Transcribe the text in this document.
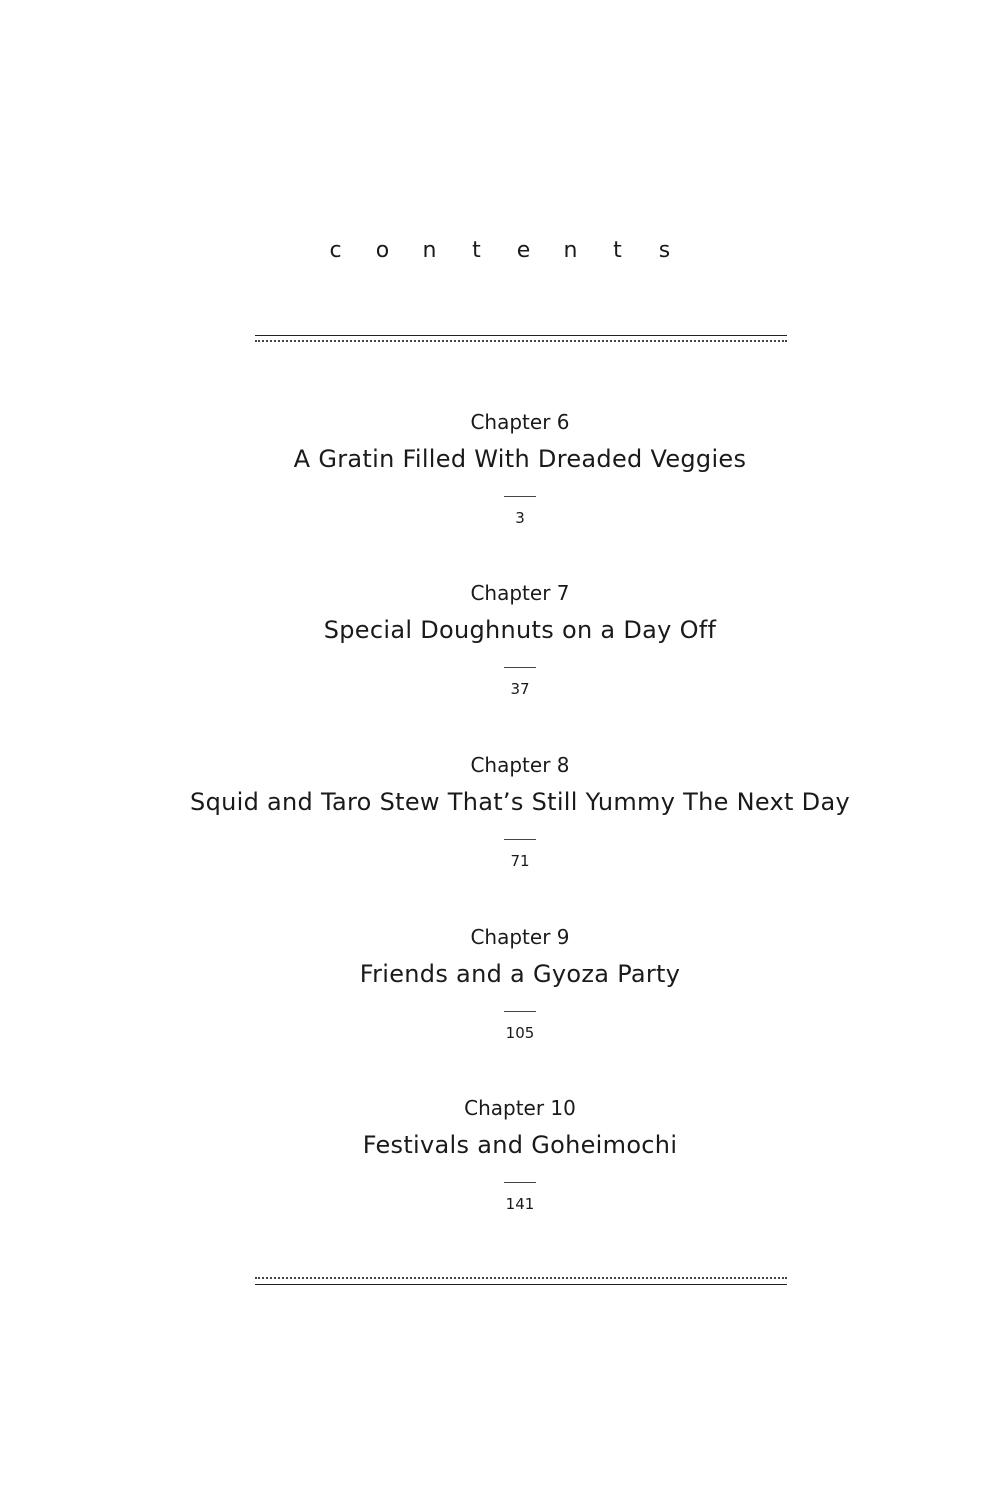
c o n t e n t s
Chapter 6
A Gratin Filled With Dreaded Veggies
3
Chapter 7
Special Doughnuts on a Day Off
37
Chapter 8
Squid and Taro Stew That’s Still Yummy The Next Day
71
Chapter 9
Friends and a Gyoza Party
105
Chapter 10
Festivals and Goheimochi
141
